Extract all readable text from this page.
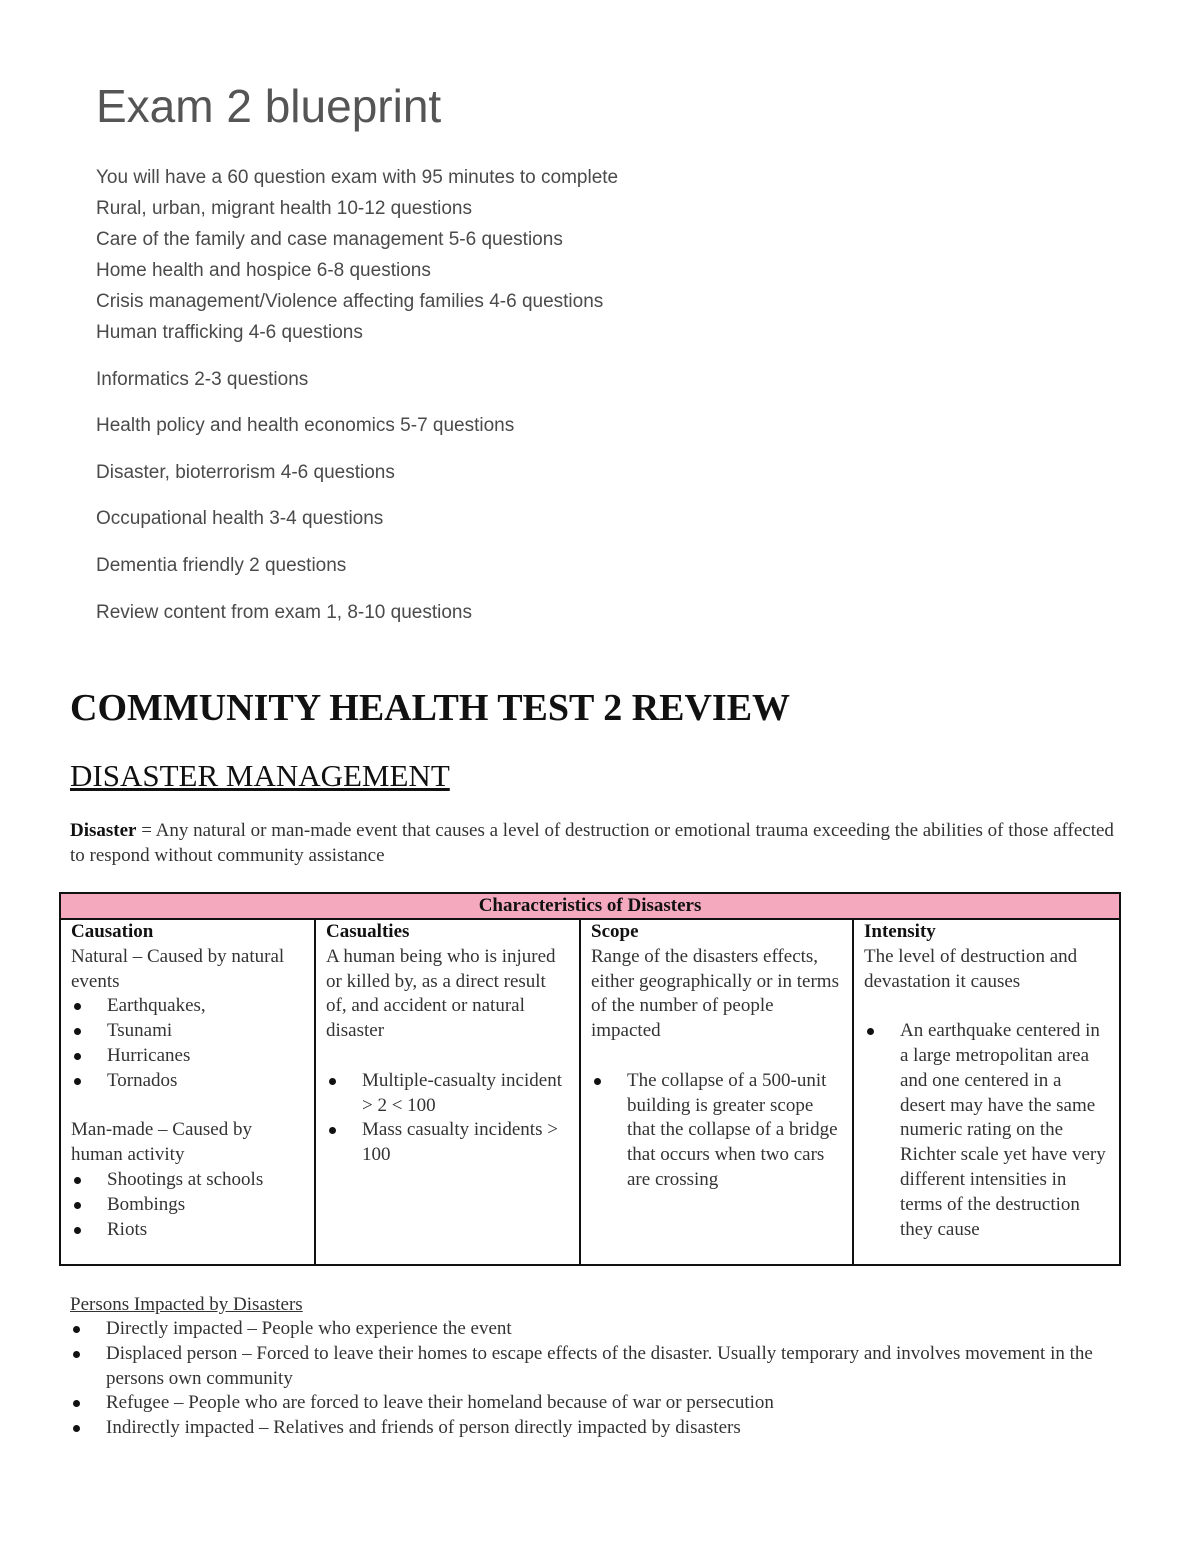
Exam 2 blueprint
You will have a 60 question exam with 95 minutes to complete
Rural, urban, migrant health 10-12 questions
Care of the family and case management 5-6 questions
Home health and hospice 6-8 questions
Crisis management/Violence affecting families 4-6 questions
Human trafficking 4-6 questions
Informatics 2-3 questions
Health policy and health economics 5-7 questions
Disaster, bioterrorism 4-6 questions
Occupational health 3-4 questions
Dementia friendly 2 questions
Review content from exam 1, 8-10 questions
COMMUNITY HEALTH TEST 2 REVIEW
DISASTER MANAGEMENT

Disaster = Any natural or man-made event that causes a level of destruction or emotional trauma exceeding the abilities of those affected to respond without community assistance

Characteristics of Disasters

Causation
Natural – Caused by natural events
Earthquakes,
Tsunami
Hurricanes
Tornados
Man-made – Caused by human activity
Shootings at schools
Bombings
Riots

Casualties
A human being who is injured or killed by, as a direct result of, and accident or natural disaster
Multiple-casualty incident > 2 < 100
Mass casualty incidents > 100

Scope
Range of the disasters effects, either geographically or in terms of the number of people impacted
The collapse of a 500-unit building is greater scope that the collapse of a bridge that occurs when two cars are crossing

Intensity
The level of destruction and devastation it causes
An earthquake centered in a large metropolitan area and one centered in a desert may have the same numeric rating on the Richter scale yet have very different intensities in terms of the destruction they cause
Persons Impacted by Disasters
Directly impacted – People who experience the event
Displaced person – Forced to leave their homes to escape effects of the disaster. Usually temporary and involves movement in the persons own community
Refugee – People who are forced to leave their homeland because of war or persecution
Indirectly impacted – Relatives and friends of person directly impacted by disasters
